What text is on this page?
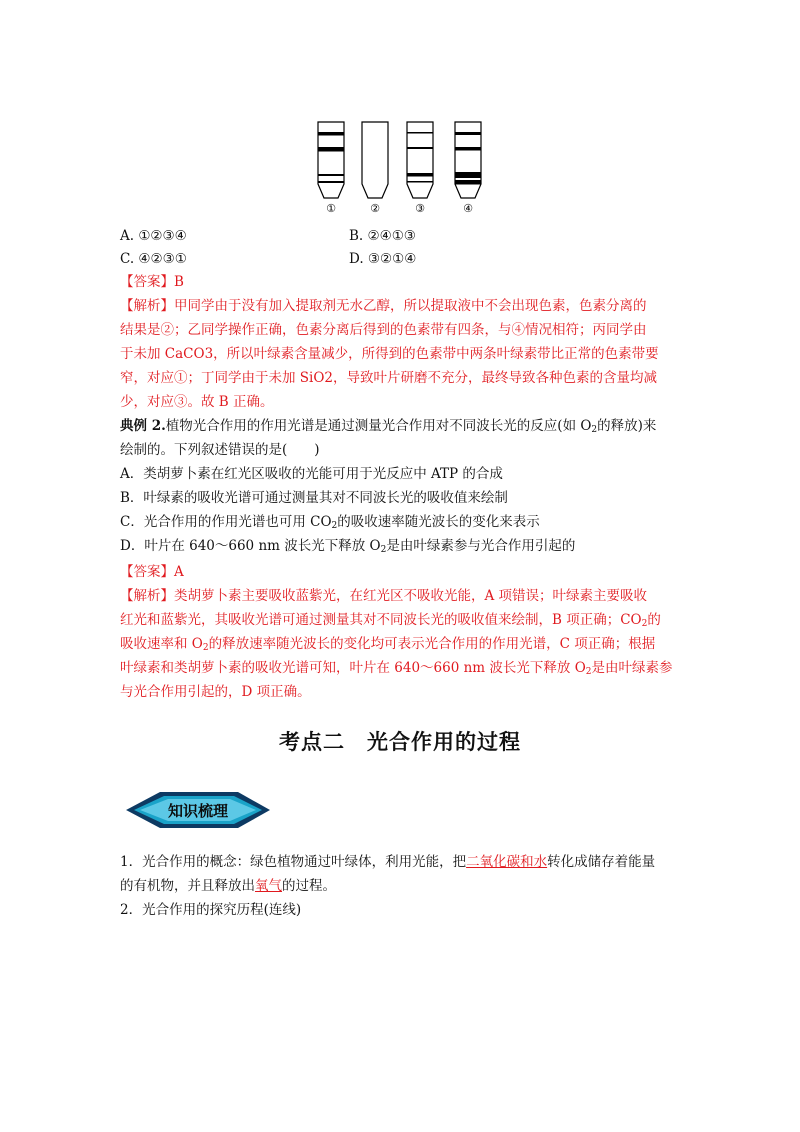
①	②	③	④
A. ①②③④	B. ②④①③
C. ④②③①	D. ③②①④
【答案】B
【解析】甲同学由于没有加入提取剂无水乙醇，所以提取液中不会出现色素，色素分离的
结果是②；乙同学操作正确，色素分离后得到的色素带有四条，与④情况相符；丙同学由
于未加 CaCO3，所以叶绿素含量减少，所得到的色素带中两条叶绿素带比正常的色素带要
窄，对应①；丁同学由于未加 SiO2，导致叶片研磨不充分，最终导致各种色素的含量均减
少，对应③。故 B 正确。
典例 2.植物光合作用的作用光谱是通过测量光合作用对不同波长光的反应(如 $O_2$的释放)来
绘制的。下列叙述错误的是(　　)
A．类胡萝卜素在红光区吸收的光能可用于光反应中 ATP 的合成
B．叶绿素的吸收光谱可通过测量其对不同波长光的吸收值来绘制
C．光合作用的作用光谱也可用 $CO_2$的吸收速率随光波长的变化来表示
D．叶片在 640～660 nm 波长光下释放 $O_2$是由叶绿素参与光合作用引起的
【答案】A
【解析】类胡萝卜素主要吸收蓝紫光，在红光区不吸收光能，A 项错误；叶绿素主要吸收
红光和蓝紫光，其吸收光谱可通过测量其对不同波长光的吸收值来绘制，B 项正确；$CO_2$的
吸收速率和 $O_2$的释放速率随光波长的变化均可表示光合作用的作用光谱，C 项正确；根据
叶绿素和类胡萝卜素的吸收光谱可知，叶片在 640～660 nm 波长光下释放 $O_2$是由叶绿素参
与光合作用引起的，D 项正确。
考点二　光合作用的过程
知识梳理
1．光合作用的概念：绿色植物通过叶绿体，利用光能，把二氧化碳和水转化成储存着能量
的有机物，并且释放出氧气的过程。
2．光合作用的探究历程(连线)
